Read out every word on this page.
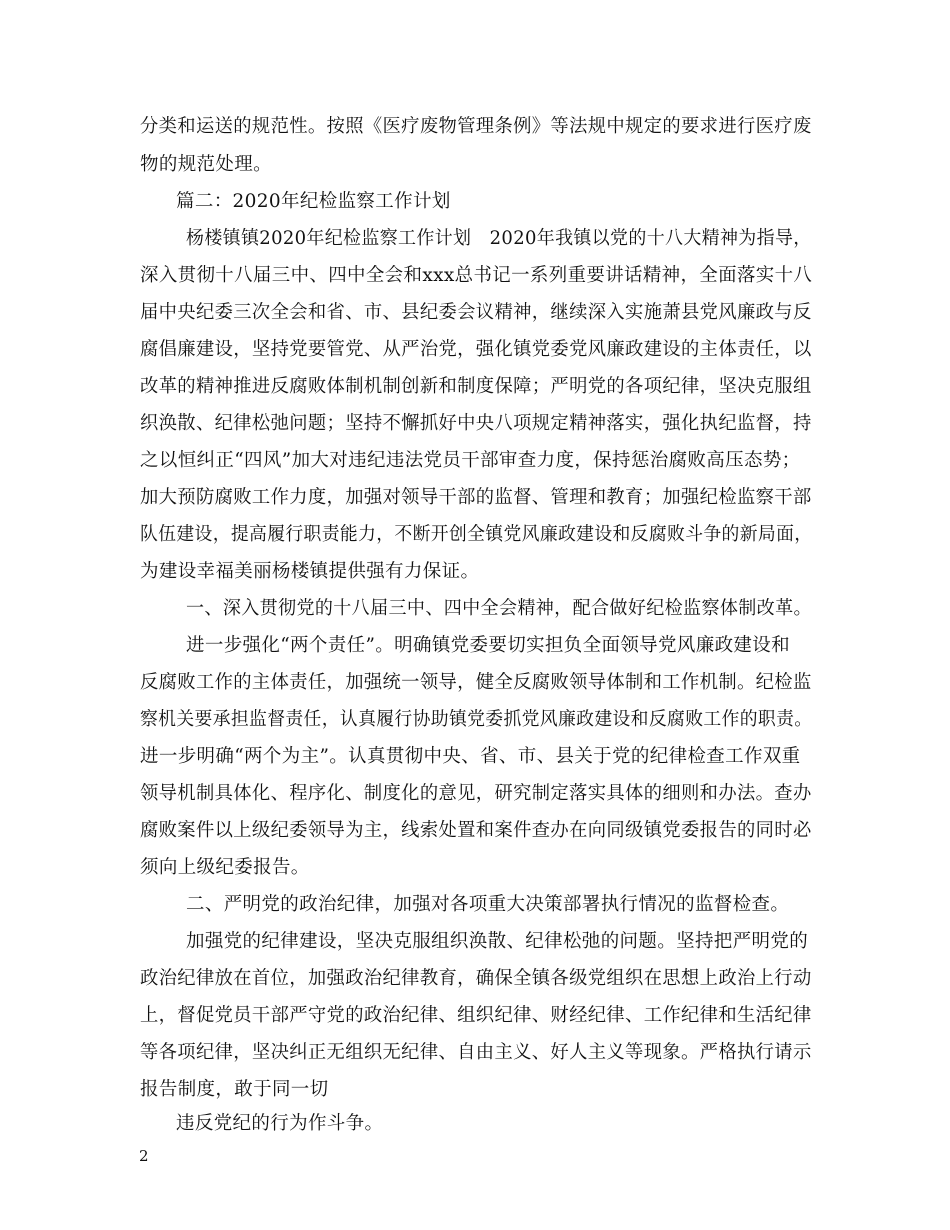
分类和运送的规范性。按照《医疗废物管理条例》等法规中规定的要求进行医疗废
物的规范处理。
篇二：2020年纪检监察工作计划
杨楼镇镇2020年纪检监察工作计划　2020年我镇以党的十八大精神为指导，
深入贯彻十八届三中、四中全会和xxx总书记一系列重要讲话精神，全面落实十八
届中央纪委三次全会和省、市、县纪委会议精神，继续深入实施萧县党风廉政与反
腐倡廉建设，坚持党要管党、从严治党，强化镇党委党风廉政建设的主体责任，以
改革的精神推进反腐败体制机制创新和制度保障；严明党的各项纪律，坚决克服组
织涣散、纪律松弛问题；坚持不懈抓好中央八项规定精神落实，强化执纪监督，持
之以恒纠正“四风”加大对违纪违法党员干部审查力度，保持惩治腐败高压态势；
加大预防腐败工作力度，加强对领导干部的监督、管理和教育；加强纪检监察干部
队伍建设，提高履行职责能力，不断开创全镇党风廉政建设和反腐败斗争的新局面，
为建设幸福美丽杨楼镇提供强有力保证。
一、深入贯彻党的十八届三中、四中全会精神，配合做好纪检监察体制改革。
进一步强化“两个责任”。明确镇党委要切实担负全面领导党风廉政建设和
反腐败工作的主体责任，加强统一领导，健全反腐败领导体制和工作机制。纪检监
察机关要承担监督责任，认真履行协助镇党委抓党风廉政建设和反腐败工作的职责。
进一步明确“两个为主”。认真贯彻中央、省、市、县关于党的纪律检查工作双重
领导机制具体化、程序化、制度化的意见，研究制定落实具体的细则和办法。查办
腐败案件以上级纪委领导为主，线索处置和案件查办在向同级镇党委报告的同时必
须向上级纪委报告。
二、严明党的政治纪律，加强对各项重大决策部署执行情况的监督检查。
加强党的纪律建设，坚决克服组织涣散、纪律松弛的问题。坚持把严明党的
政治纪律放在首位，加强政治纪律教育，确保全镇各级党组织在思想上政治上行动
上，督促党员干部严守党的政治纪律、组织纪律、财经纪律、工作纪律和生活纪律
等各项纪律，坚决纠正无组织无纪律、自由主义、好人主义等现象。严格执行请示
报告制度，敢于同一切
违反党纪的行为作斗争。
2
